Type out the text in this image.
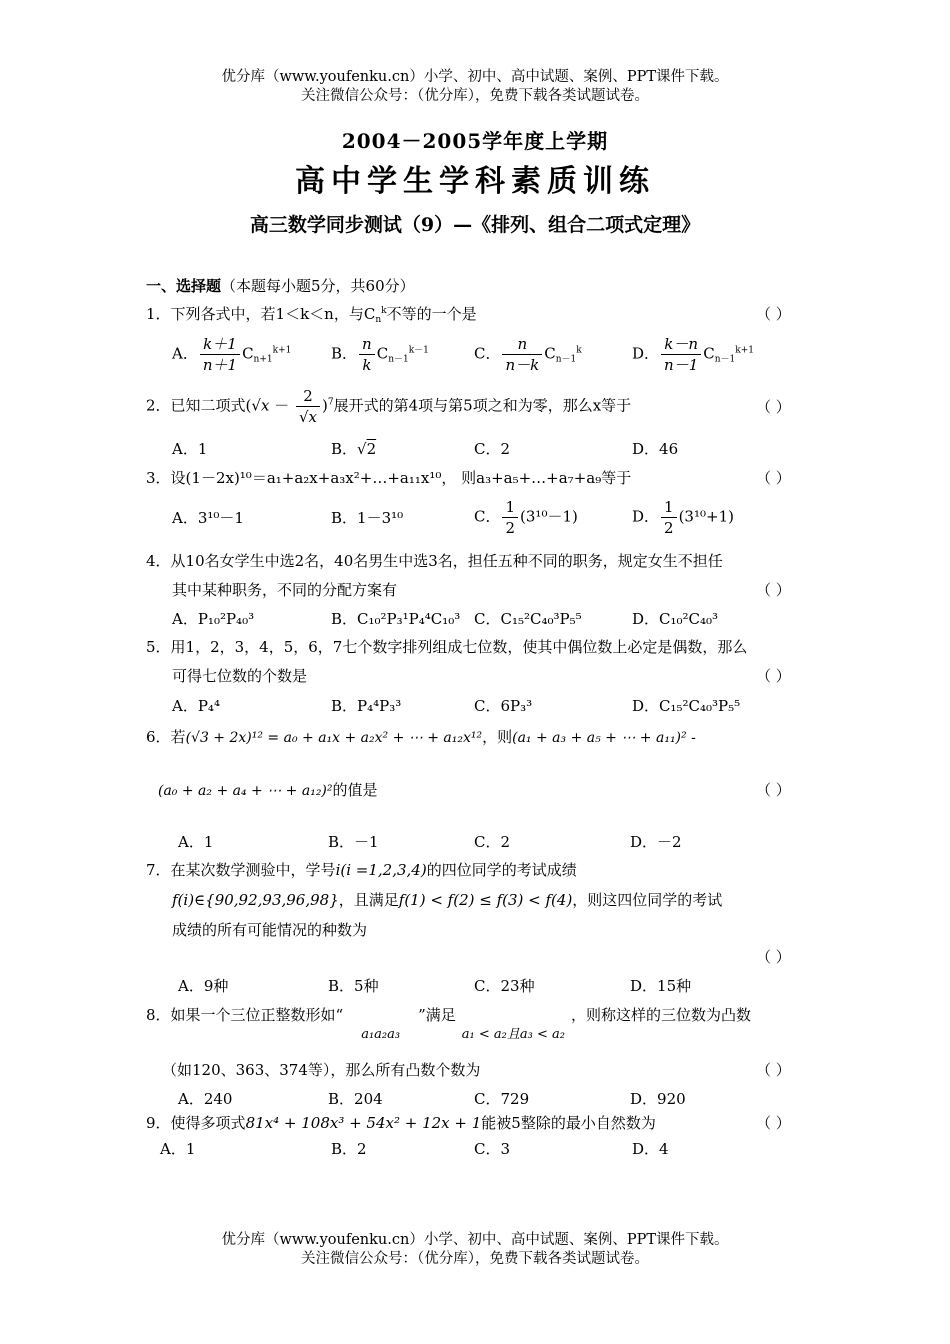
优分库（www.youfenku.cn）小学、初中、高中试题、案例、PPT课件下载。
关注微信公众号：（优分库），免费下载各类试题试卷。
2004－2005学年度上学期
高中学生学科素质训练
高三数学同步测试（9）—《排列、组合二项式定理》
一、选择题（本题每小题5分，共60分）
1．下列各式中，若1＜k＜n，与$C_n^k$不等的一个是	（ ）
A． $\frac{k+1}{n+1} C_{n+1}^{k+1}$	B． $\frac{n}{k} C_{n-1}^{k-1}$	C． $\frac{n}{n-k} C_{n-1}^k$	D． $\frac{k-n}{n-1} C_{n-1}^{k+1}$
2．已知二项式$(√x - \frac{2}{√x} )^7$展开式的第4项与第5项之和为零，那么x等于	（ ）
A．1	B．√2	C．2	D．46
3．设(1－2x)¹⁰＝a₁+a₂x+a₃x²+…+a₁₁x¹⁰， 则a₃+a₅+…+a₇+a₉等于	（ ）
A．3¹⁰－1	B．1－3¹⁰	C． $\frac{1}{2} (3^{10}-1)$	D． $\frac{1}{2} (3^{10}+1)$
4．从10名女学生中选2名，40名男生中选3名，担任五种不同的职务，规定女生不担任
其中某种职务，不同的分配方案有	（ ）
A．P₁₀²P₄₀³	B．C₁₀²P₃¹P₄⁴C₁₀³ C．C₁₅²C₄₀³P₅⁵	D．C₁₀²C₄₀³
5．用1，2，3，4，5，6，7七个数字排列组成七位数，使其中偶位数上必定是偶数，那么
可得七位数的个数是	（ ）
A．P₄⁴	B．P₄⁴P₃³	C．6P₃³	D．C₁₅²C₄₀³P₅⁵
6．若(√3 + 2x)¹² = a₀ + a₁x + a₂x² + ⋯ + a₁₂x¹²，则(a₁ + a₃ + a₅ + ⋯ + a₁₁)² -
(a₀ + a₂ + a₄ + ⋯ + a₁₂)²的值是	（ ）
A．1	B．－1	C．2	D．－2
7．在某次数学测验中，学号i(i =1,2,3,4)的四位同学的考试成绩
f(i)∈{90,92,93,96,98}，且满足f(1) < f(2) ≤ f(3) < f(4)，则这四位同学的考试
成绩的所有可能情况的种数为
（ ）
A．9种	B．5种	C．23种	D．15种
8．如果一个三位正整数形如“a₁a₂a₃”满足a₁ < a₂且a₃ < a₂，则称这样的三位数为凸数
（如120、363、374等），那么所有凸数个数为	（ ）
A．240	B．204	C．729	D．920
9．使得多项式81x⁴ + 108x³ + 54x² + 12x + 1能被5整除的最小自然数为	（ ）
A．1	B．2	C．3	D．4
优分库（www.youfenku.cn）小学、初中、高中试题、案例、PPT课件下载。
关注微信公众号：（优分库），免费下载各类试题试卷。
